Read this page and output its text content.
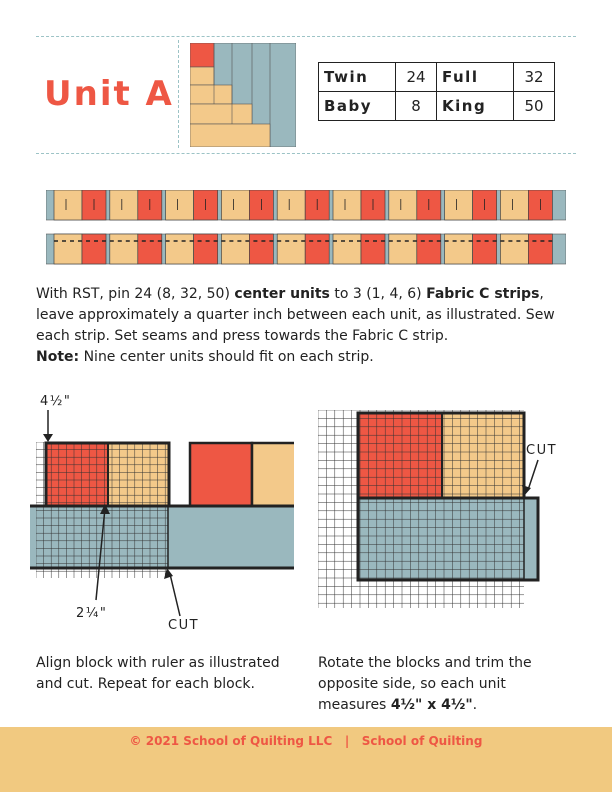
Unit A	Twin	24	Full	32
Baby	8	King	50
With RST, pin 24 (8, 32, 50) center units to 3 (1, 4, 6) Fabric C strips, leave approximately a quarter inch between each unit, as illustrated. Sew each strip. Set seams and press towards the Fabric C strip.
Note: Nine center units should fit on each strip.
4½"
2¼"
CUT
CUT
Align block with ruler as illustrated and cut. Repeat for each block.
Rotate the blocks and trim the opposite side, so each unit measures 4½" x 4½".
© 2021 School of Quilting LLC | School of Quilting
